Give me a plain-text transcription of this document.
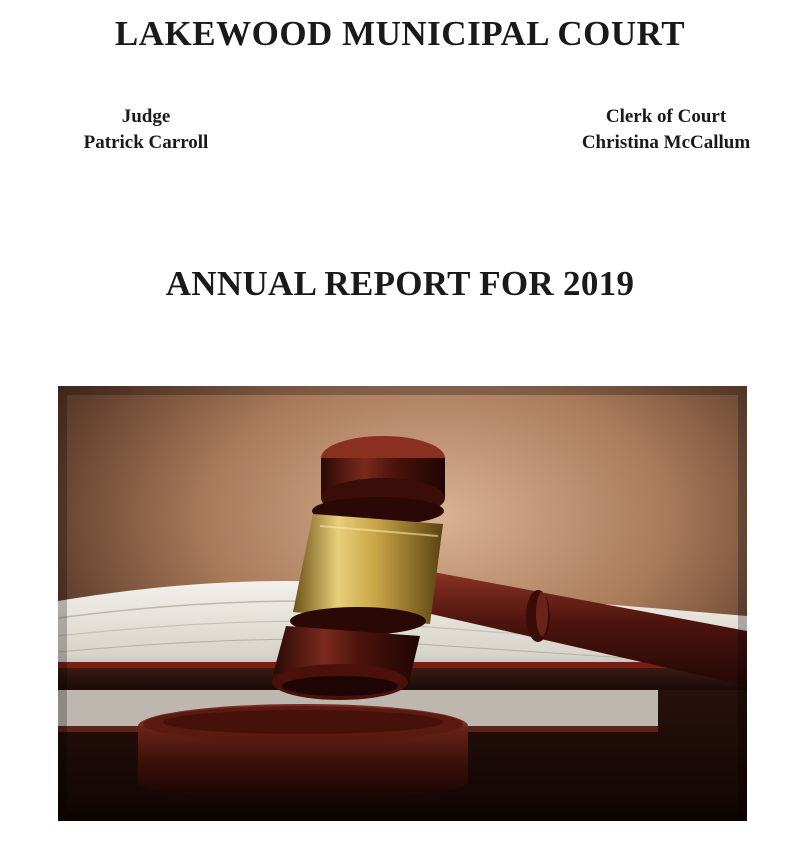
LAKEWOOD MUNICIPAL COURT
Judge
Patrick Carroll
Clerk of Court
Christina McCallum
ANNUAL REPORT FOR 2019
